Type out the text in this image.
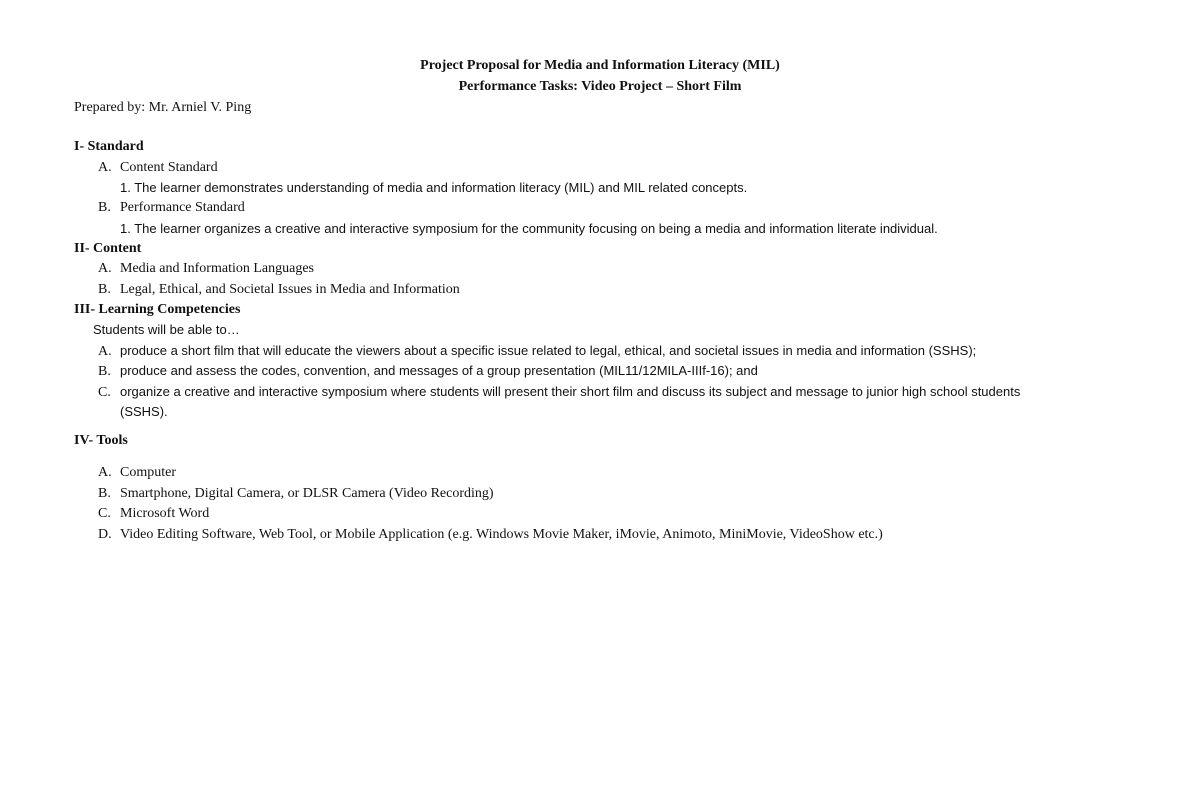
Project Proposal for Media and Information Literacy (MIL)
Performance Tasks: Video Project – Short Film
Prepared by: Mr. Arniel V. Ping
I- Standard
A. Content Standard
1. The learner demonstrates understanding of media and information literacy (MIL) and MIL related concepts.
B. Performance Standard
1. The learner organizes a creative and interactive symposium for the community focusing on being a media and information literate individual.
II- Content
A. Media and Information Languages
B. Legal, Ethical, and Societal Issues in Media and Information
III- Learning Competencies
Students will be able to…
A. produce a short film that will educate the viewers about a specific issue related to legal, ethical, and societal issues in media and information (SSHS);
B. produce and assess the codes, convention, and messages of a group presentation (MIL11/12MILA-IIIf-16); and
C. organize a creative and interactive symposium where students will present their short film and discuss its subject and message to junior high school students
(SSHS).
IV- Tools
A. Computer
B. Smartphone, Digital Camera, or DLSR Camera (Video Recording)
C. Microsoft Word
D. Video Editing Software, Web Tool, or Mobile Application (e.g. Windows Movie Maker, iMovie, Animoto, MiniMovie, VideoShow etc.)
